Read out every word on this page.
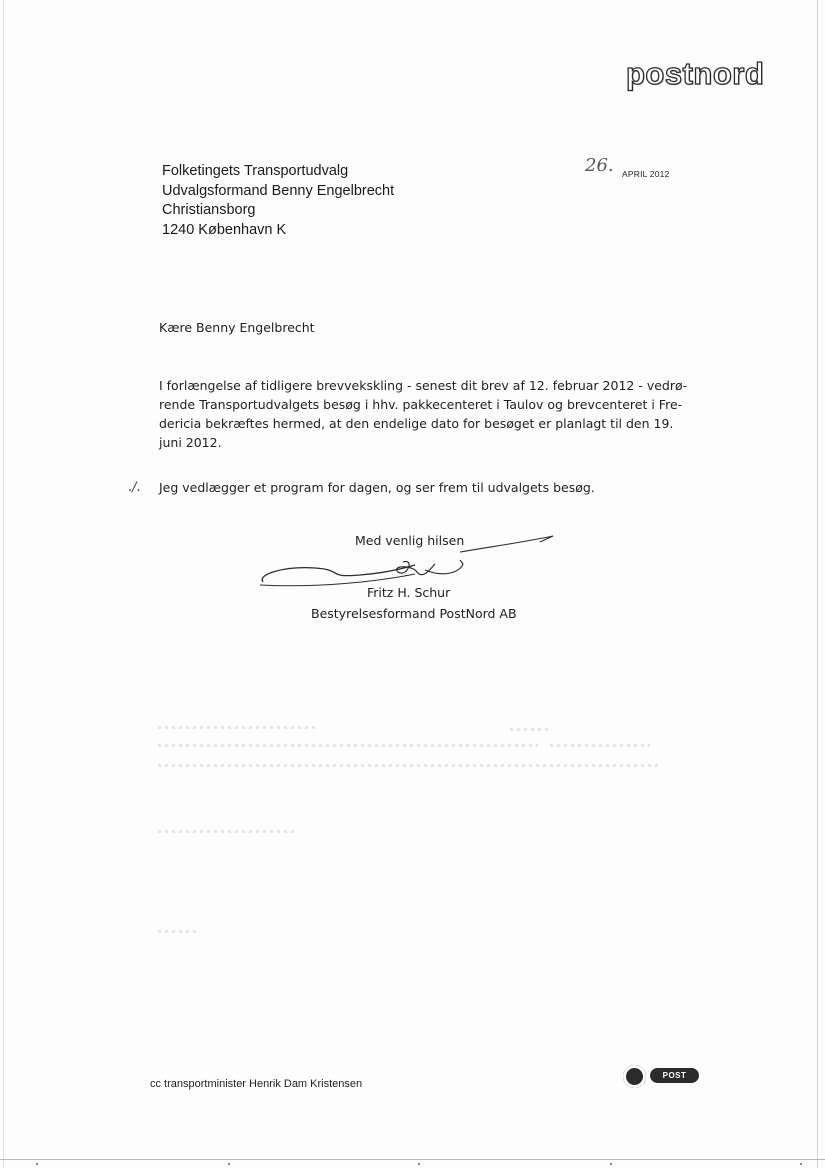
postnord
Folketingets Transportudvalg
Udvalgsformand Benny Engelbrecht
Christiansborg
1240 København K
26. APRIL 2012
Kære Benny Engelbrecht
I forlængelse af tidligere brevvekskling - senest dit brev af 12. februar 2012 - vedrø-
rende Transportudvalgets besøg i hhv. pakkecenteret i Taulov og brevcenteret i Fre-
dericia bekræftes hermed, at den endelige dato for besøget er planlagt til den 19.
juni 2012.
./. Jeg vedlægger et program for dagen, og ser frem til udvalgets besøg.
Med venlig hilsen
Fritz H. Schur
Bestyrelsesformand PostNord AB
cc transportminister Henrik Dam Kristensen
POST
